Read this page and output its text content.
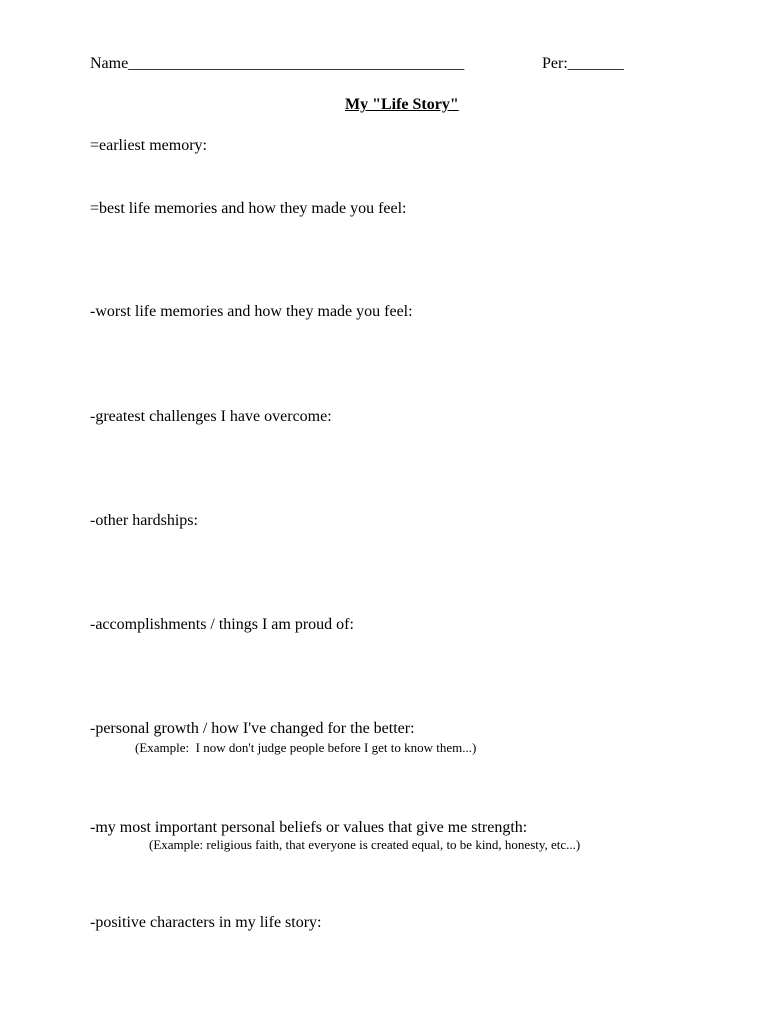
Name__________________________________________	Per:_______
My "Life Story"
=earliest memory:
=best life memories and how they made you feel:
-worst life memories and how they made you feel:
-greatest challenges I have overcome:
-other hardships:
-accomplishments / things I am proud of:
-personal growth / how I've changed for the better:
(Example:  I now don't judge people before I get to know them...)
-my most important personal beliefs or values that give me strength:
(Example: religious faith, that everyone is created equal, to be kind, honesty, etc...)
-positive characters in my life story:
